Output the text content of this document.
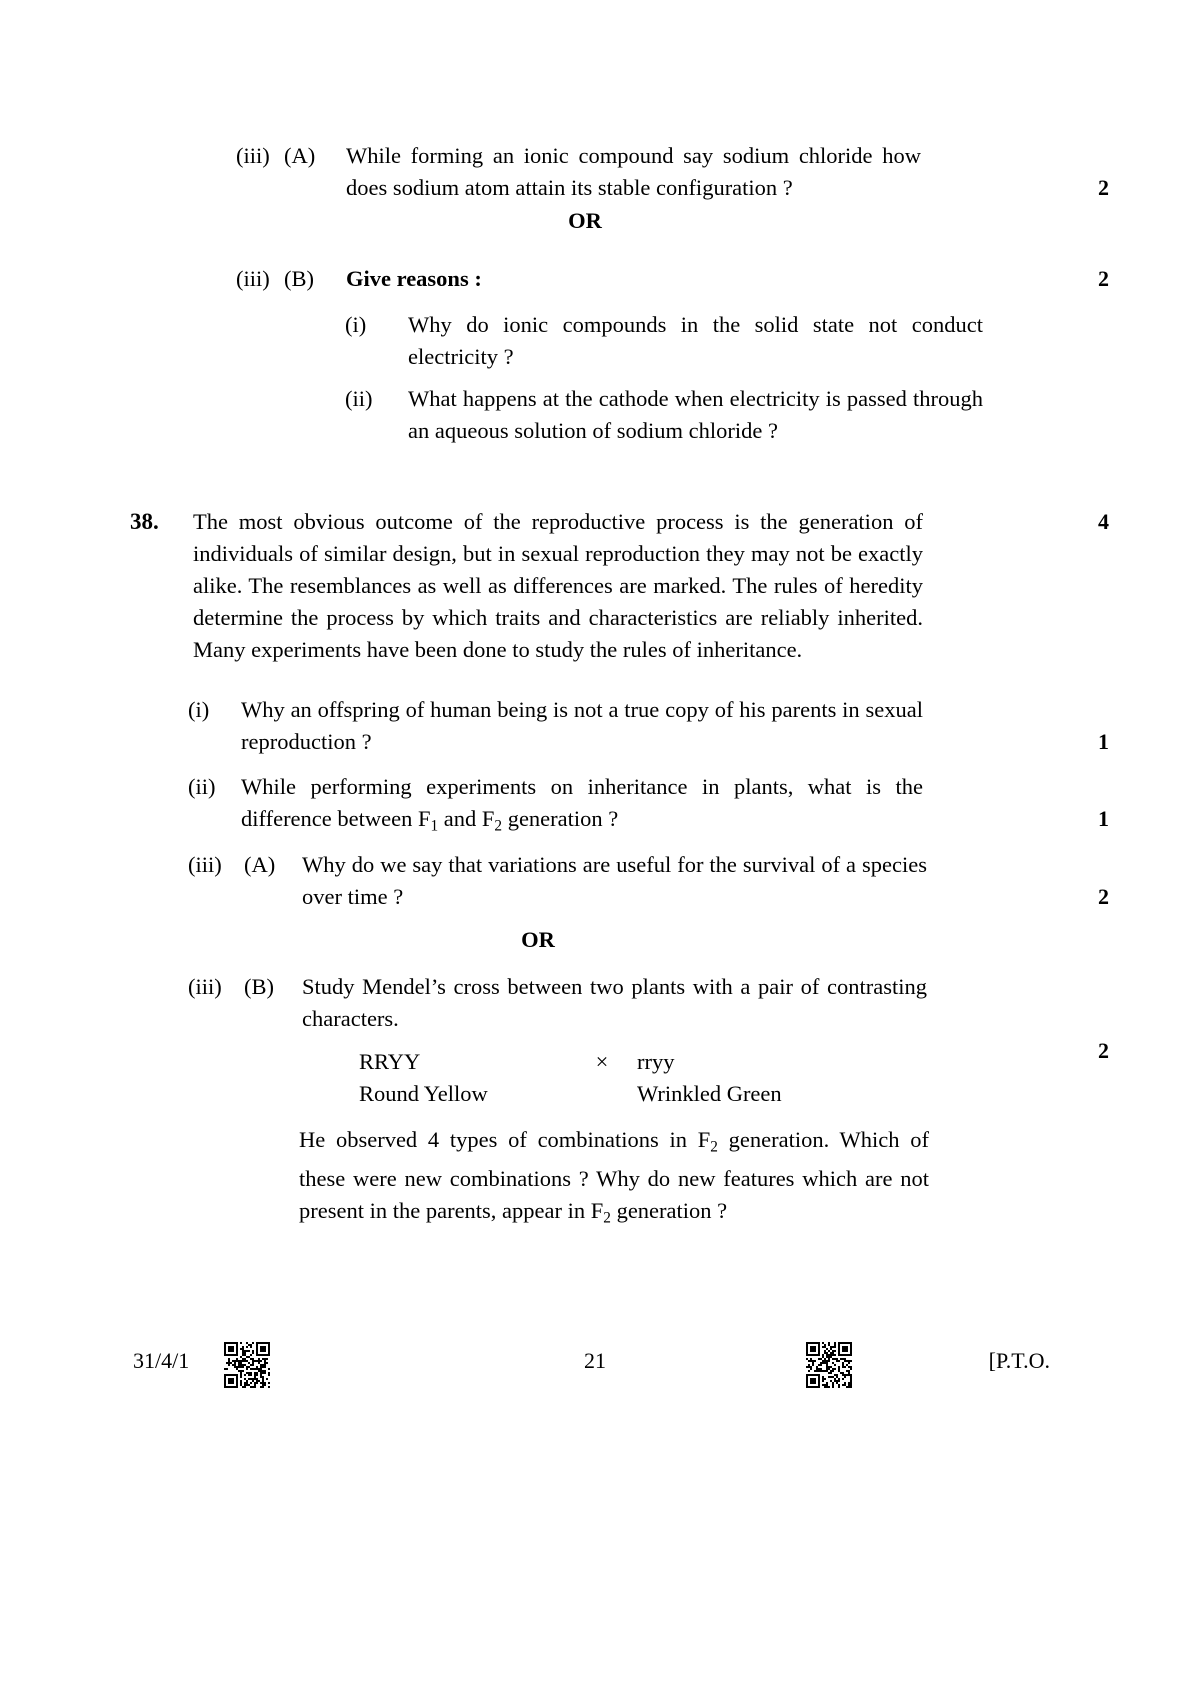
(iii) (A)	While forming an ionic compound say sodium chloride how does sodium atom attain its stable configuration ?	2
OR
(iii) (B)	Give reasons :	2
(i)	Why do ionic compounds in the solid state not conduct electricity ?
(ii)	What happens at the cathode when electricity is passed through an aqueous solution of sodium chloride ?
38.	The most obvious outcome of the reproductive process is the generation of individuals of similar design, but in sexual reproduction they may not be exactly alike. The resemblances as well as differences are marked. The rules of heredity determine the process by which traits and characteristics are reliably inherited. Many experiments have been done to study the rules of inheritance.
4
(i)	Why an offspring of human being is not a true copy of his parents in sexual reproduction ?	1
(ii)	While performing experiments on inheritance in plants, what is the difference between $F_1$ and $F_2$ generation ?	1
(iii) (A)	Why do we say that variations are useful for the survival of a species over time ?	2
OR
(iii) (B)	Study Mendel’s cross between two plants with a pair of contrasting characters.
2
RRYY	×	rryy
Round Yellow	Wrinkled Green
He observed 4 types of combinations in $F_2$ generation. Which of these were new combinations ? Why do new features which are not present in the parents, appear in $F_2$ generation ?
31/4/1	21	[P.T.O.
